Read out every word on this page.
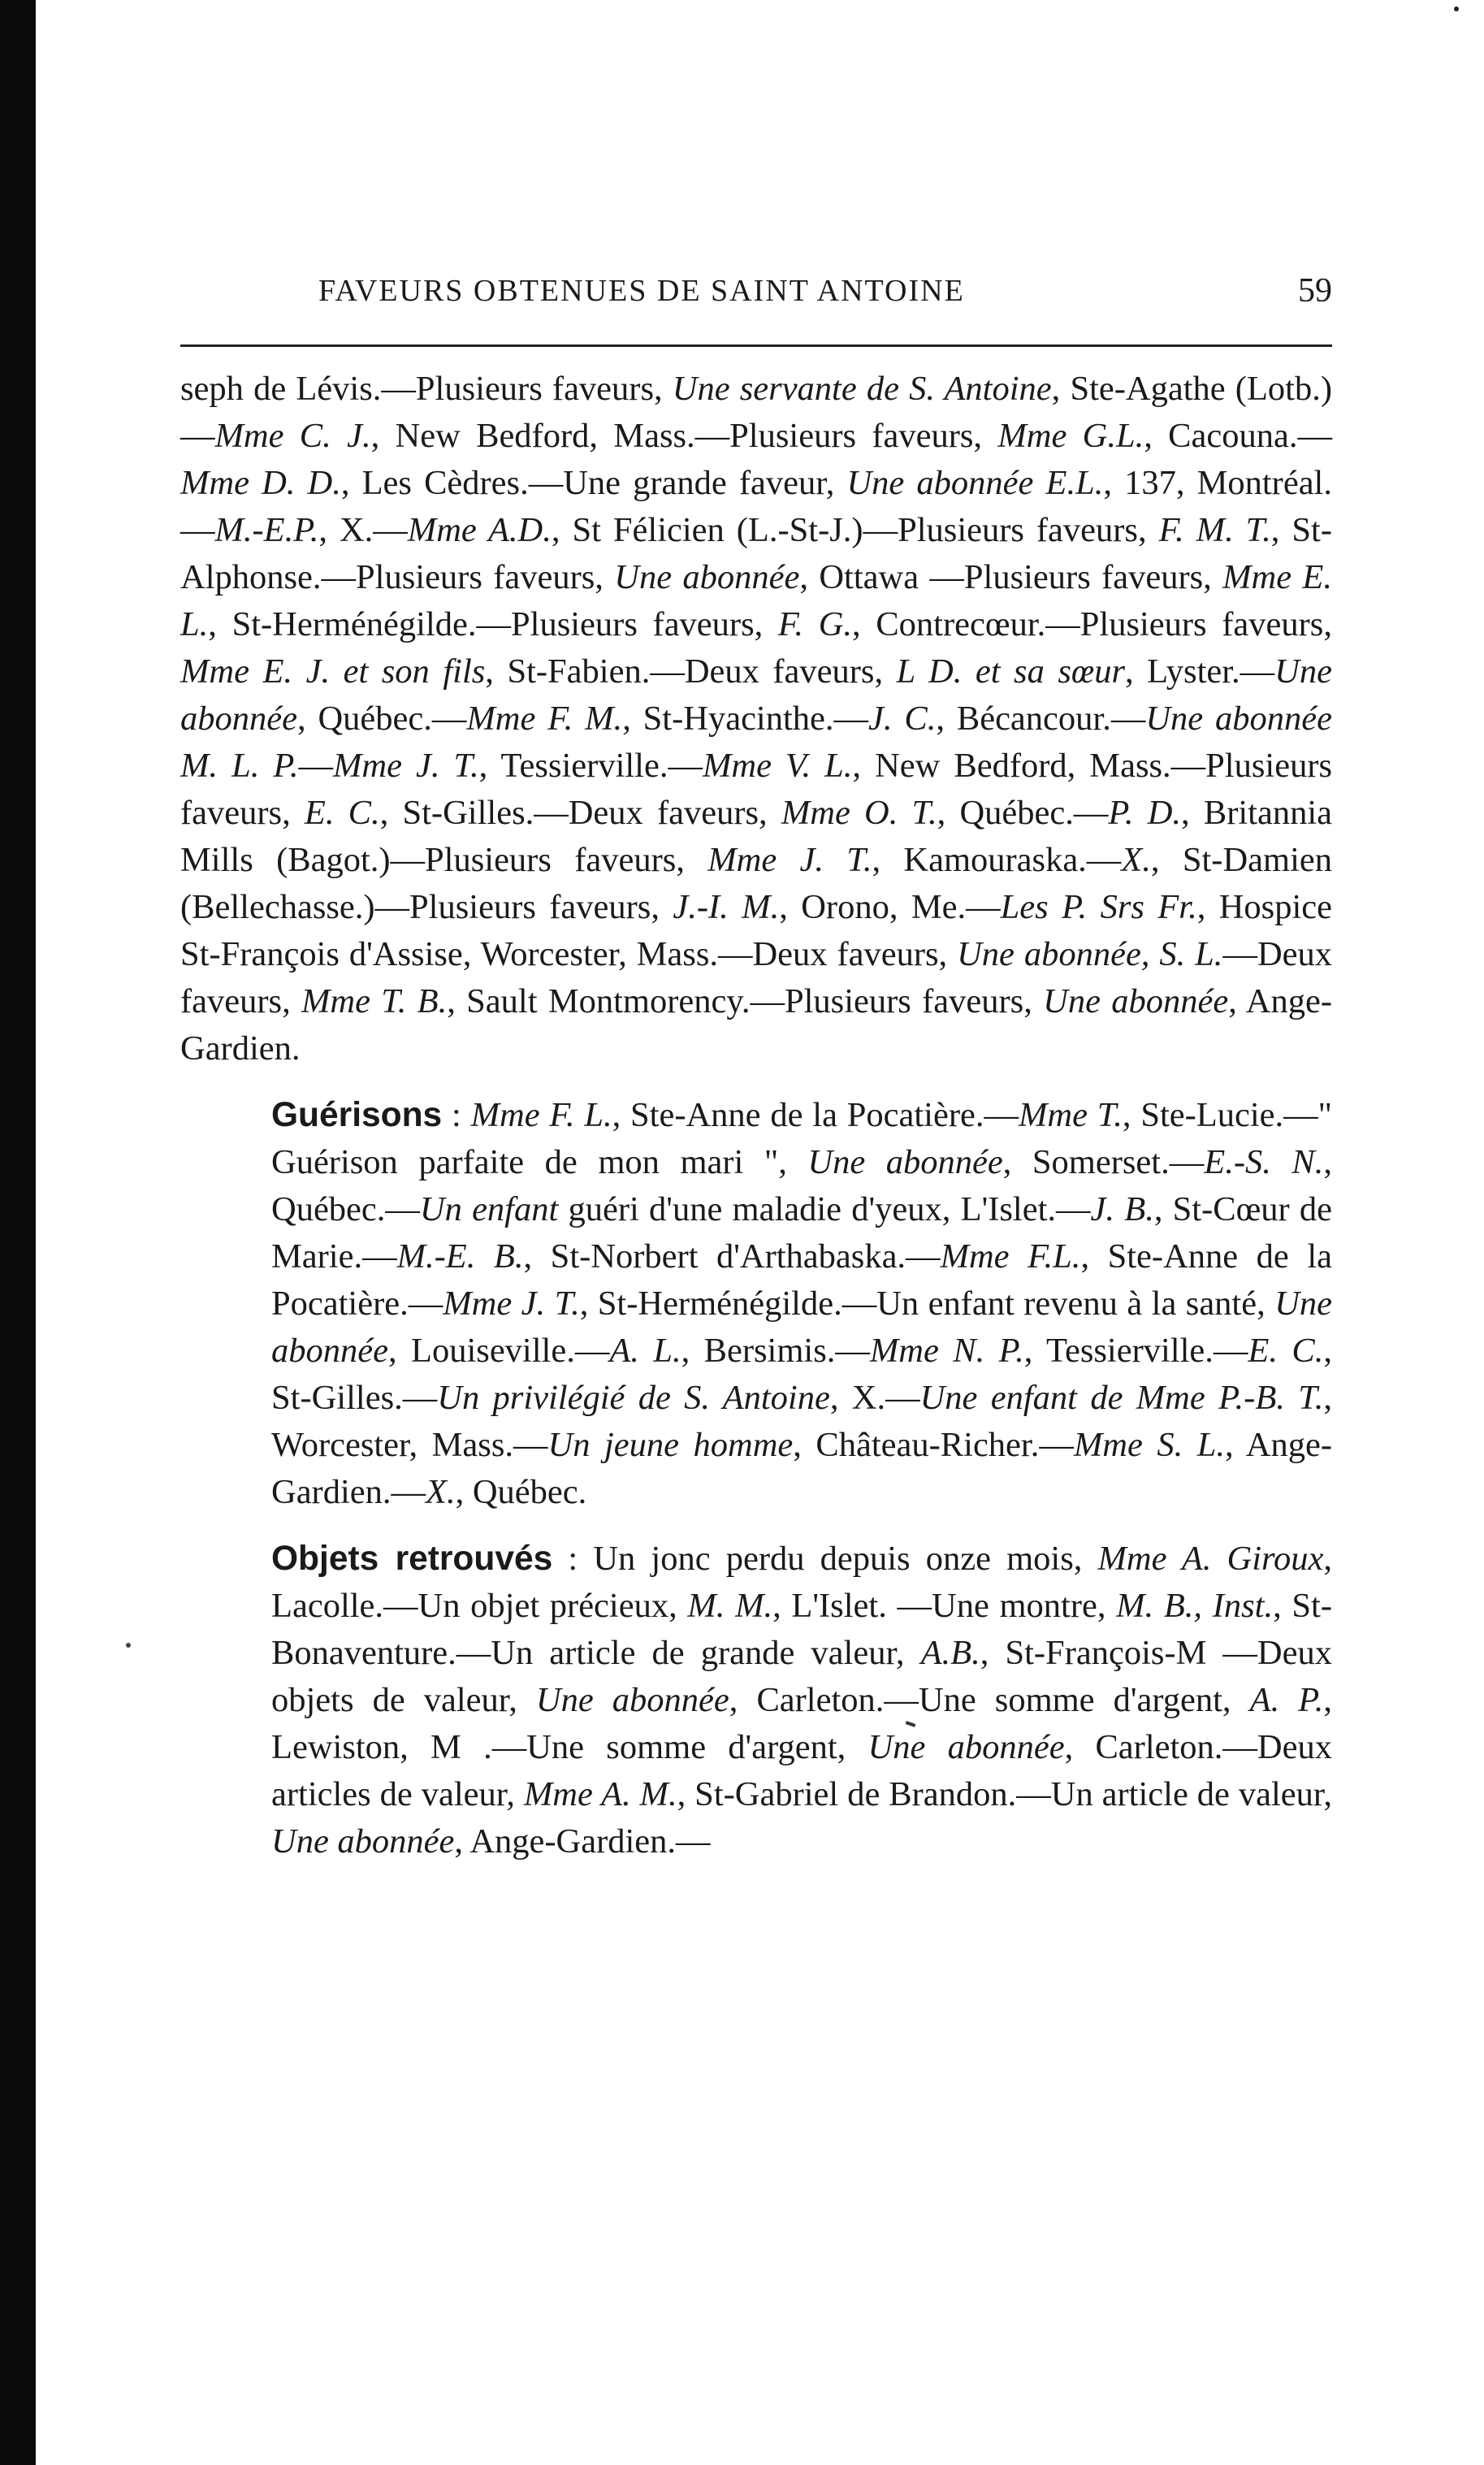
FAVEURS OBTENUES DE SAINT ANTOINE	59

seph de Lévis.—Plusieurs faveurs, Une servante de S. Antoine, Ste-Agathe (Lotb.)—Mme C. J., New Bedford, Mass.—Plusieurs faveurs, Mme G.L., Cacouna.—Mme D. D., Les Cèdres.—Une grande faveur, Une abonnée E.L., 137, Montréal. —M.-E.P., X.—Mme A.D., St Félicien (L.-St-J.)—Plusieurs faveurs, F. M. T., St-Alphonse.—Plusieurs faveurs, Une abonnée, Ottawa —Plusieurs faveurs, Mme E. L., St-Herménégilde.—Plusieurs faveurs, F. G., Contrecœur.—Plusieurs faveurs, Mme E. J. et son fils, St-Fabien.—Deux faveurs, L D. et sa sœur, Lyster.—Une abonnée, Québec.—Mme F. M., St-Hyacinthe.—J. C., Bécancour.—Une abonnée M. L. P.—Mme J. T., Tessierville.—Mme V. L., New Bedford, Mass.—Plusieurs faveurs, E. C., St-Gilles.—Deux faveurs, Mme O. T., Québec.—P. D., Britannia Mills (Bagot.)—Plusieurs faveurs, Mme J. T., Kamouraska.—X., St-Damien (Bellechasse.)—Plusieurs faveurs, J.-I. M., Orono, Me.—Les P. Srs Fr., Hospice St-François d'Assise, Worcester, Mass.—Deux faveurs, Une abonnée, S. L.—Deux faveurs, Mme T. B., Sault Montmorency.—Plusieurs faveurs, Une abonnée, Ange-Gardien.

Guérisons : Mme F. L., Ste-Anne de la Pocatière.—Mme T., Ste-Lucie.—" Guérison parfaite de mon mari ", Une abonnée, Somerset.—E.-S. N., Québec.—Un enfant guéri d'une maladie d'yeux, L'Islet.—J. B., St-Cœur de Marie.—M.-E. B., St-Norbert d'Arthabaska.—Mme F.L., Ste-Anne de la Pocatière.—Mme J. T., St-Herménégilde.—Un enfant revenu à la santé, Une abonnée, Louiseville.—A. L., Bersimis.—Mme N. P., Tessierville.—E. C., St-Gilles.—Un privilégié de S. Antoine, X.—Une enfant de Mme P.-B. T., Worcester, Mass.—Un jeune homme, Château-Richer.—Mme S. L., Ange-Gardien.—X., Québec.

Objets retrouvés : Un jonc perdu depuis onze mois, Mme A. Giroux, Lacolle.—Un objet précieux, M. M., L'Islet. —Une montre, M. B., Inst., St-Bonaventure.—Un article de grande valeur, A.B., St-François-M —Deux objets de valeur, Une abonnée, Carleton.—Une somme d'argent, A. P., Lewiston, M .—Une somme d'argent, Une abonnée, Carleton.—Deux articles de valeur, Mme A. M., St-Gabriel de Brandon.—Un article de valeur, Une abonnée, Ange-Gardien.—
